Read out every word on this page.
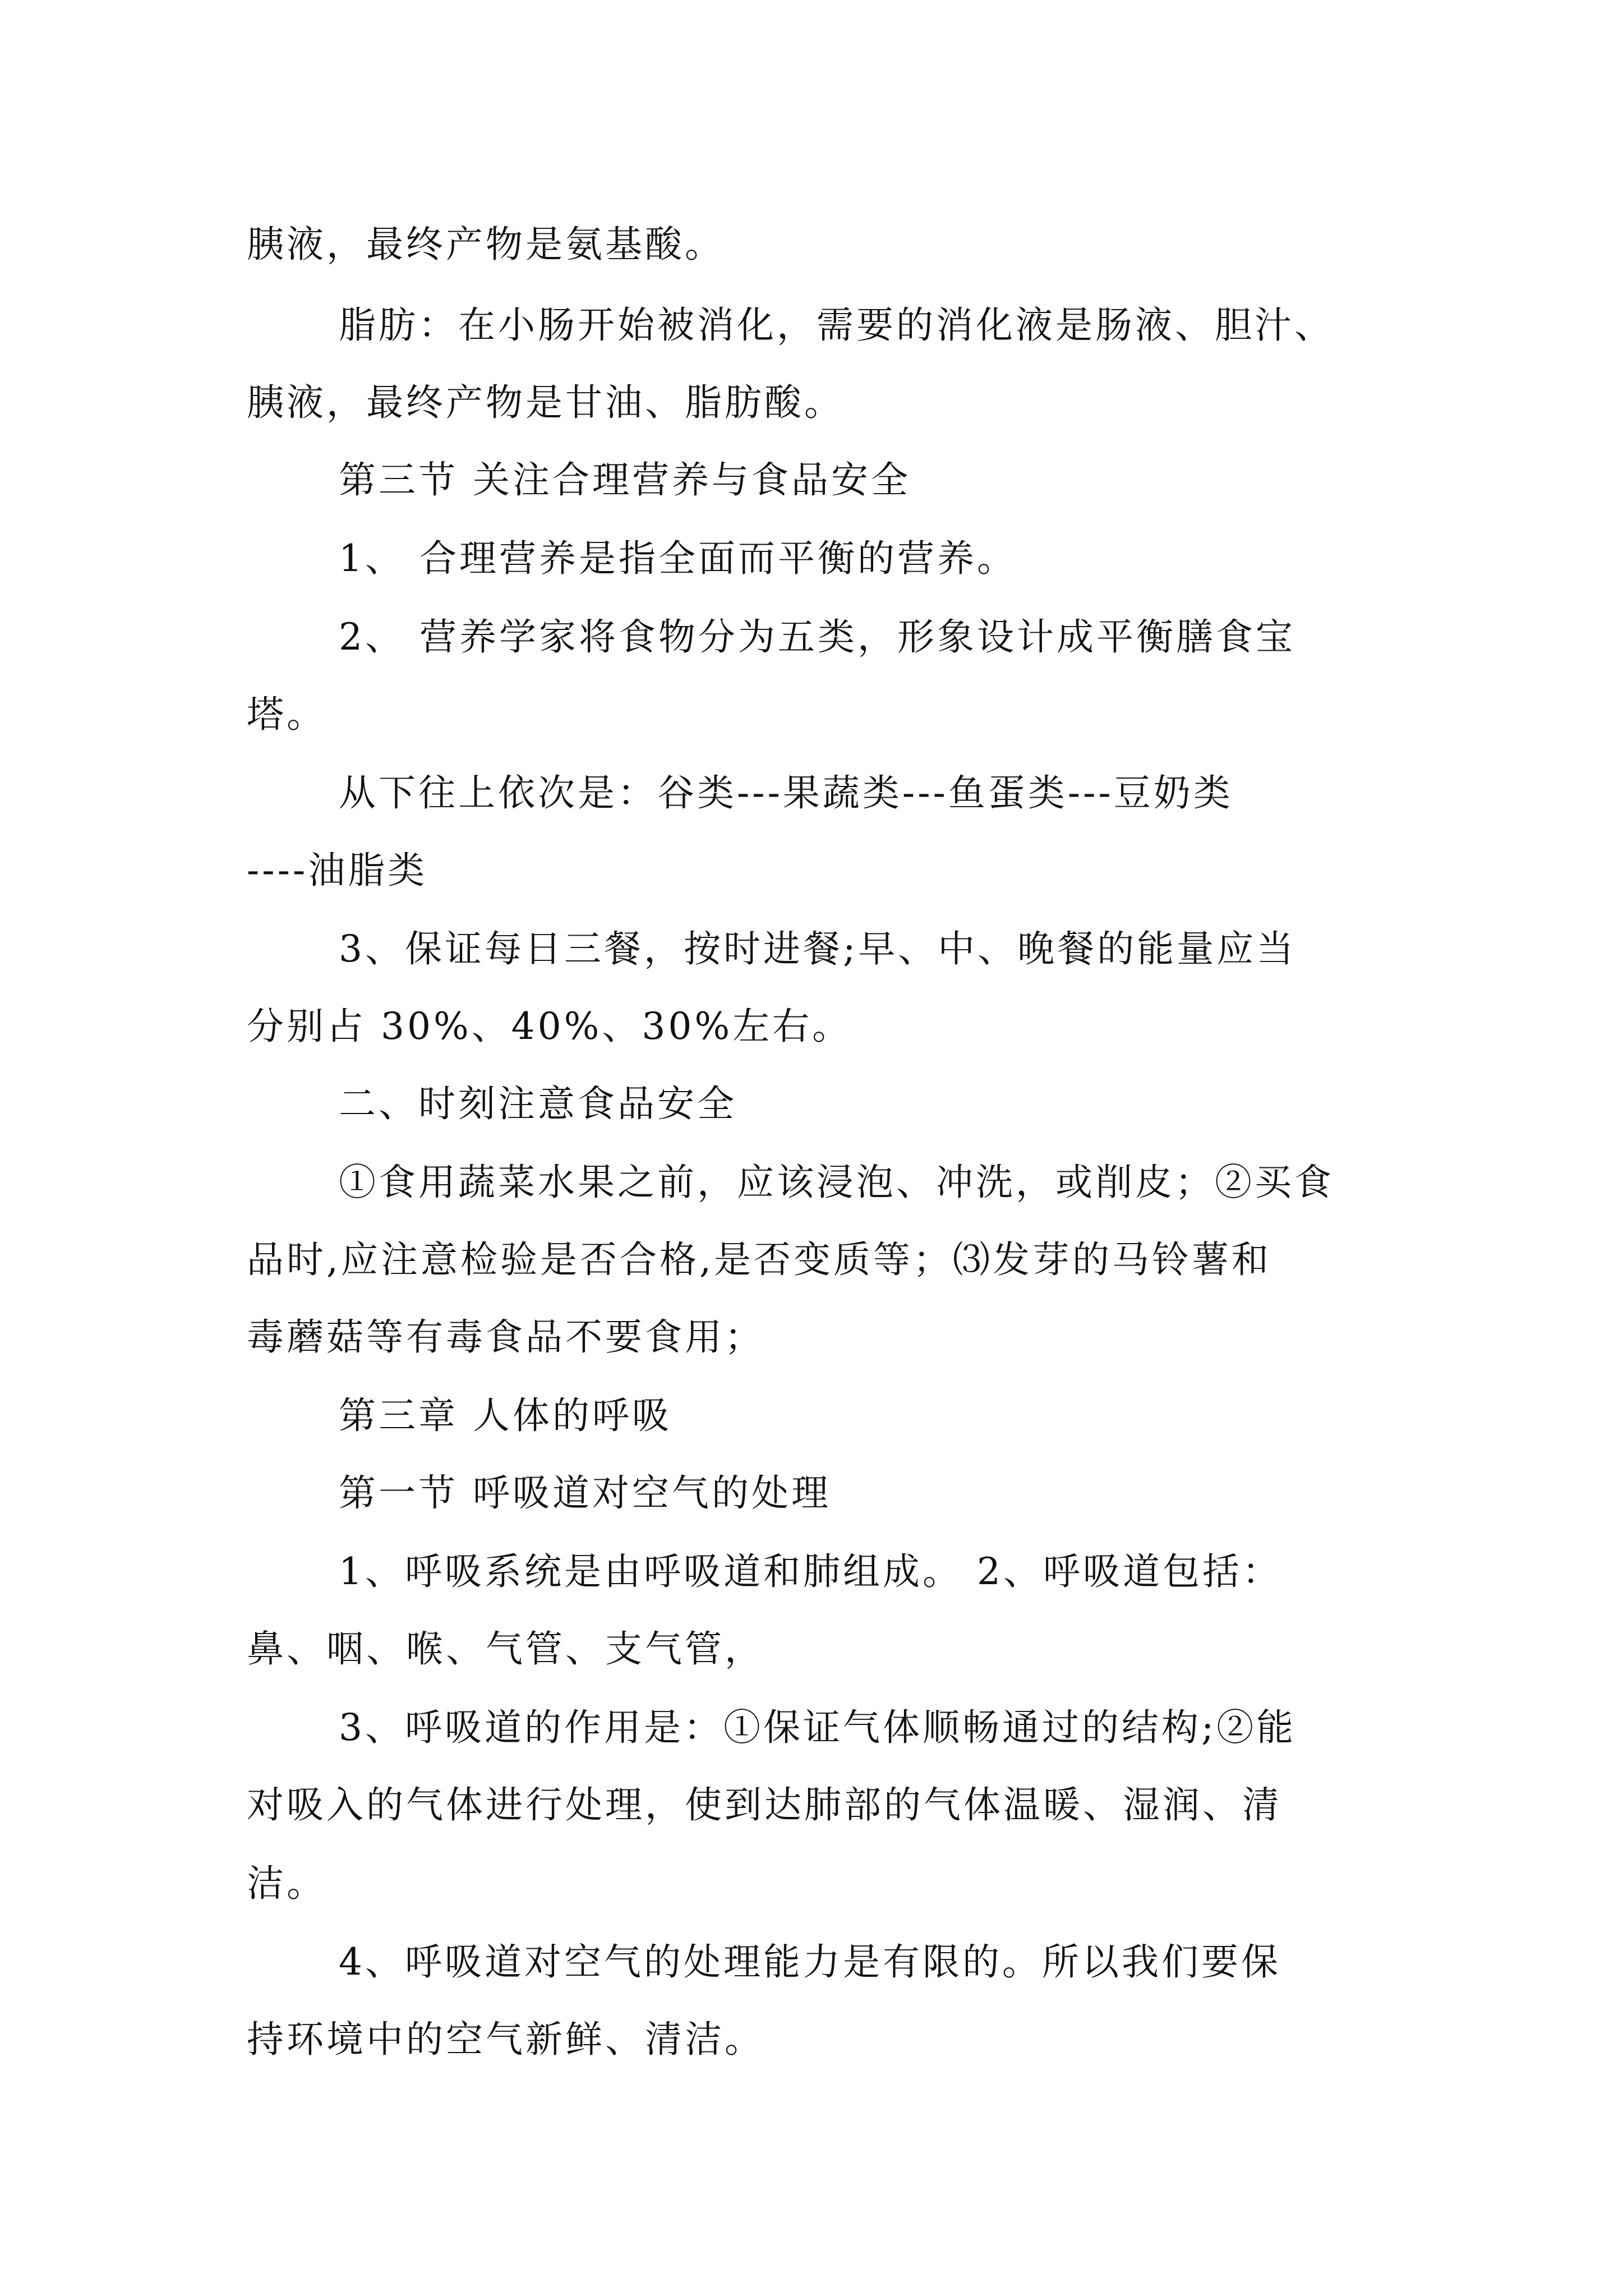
胰液，最终产物是氨基酸。
脂肪：在小肠开始被消化，需要的消化液是肠液、胆汁、
胰液，最终产物是甘油、脂肪酸。
第三节 关注合理营养与食品安全
1、 合理营养是指全面而平衡的营养。
2、 营养学家将食物分为五类，形象设计成平衡膳食宝
塔。
从下往上依次是：谷类---果蔬类---鱼蛋类---豆奶类
----油脂类
3、保证每日三餐，按时进餐;早、中、晚餐的能量应当
分别占 30%、40%、30%左右。
二、时刻注意食品安全
①食用蔬菜水果之前，应该浸泡、冲洗，或削皮；②买食
品时,应注意检验是否合格,是否变质等；⑶发芽的马铃薯和
毒蘑菇等有毒食品不要食用；
第三章 人体的呼吸
第一节 呼吸道对空气的处理
1、呼吸系统是由呼吸道和肺组成。 2、呼吸道包括：
鼻、咽、喉、气管、支气管，
3、呼吸道的作用是：①保证气体顺畅通过的结构;②能
对吸入的气体进行处理，使到达肺部的气体温暖、湿润、清
洁。
4、呼吸道对空气的处理能力是有限的。所以我们要保
持环境中的空气新鲜、清洁。
